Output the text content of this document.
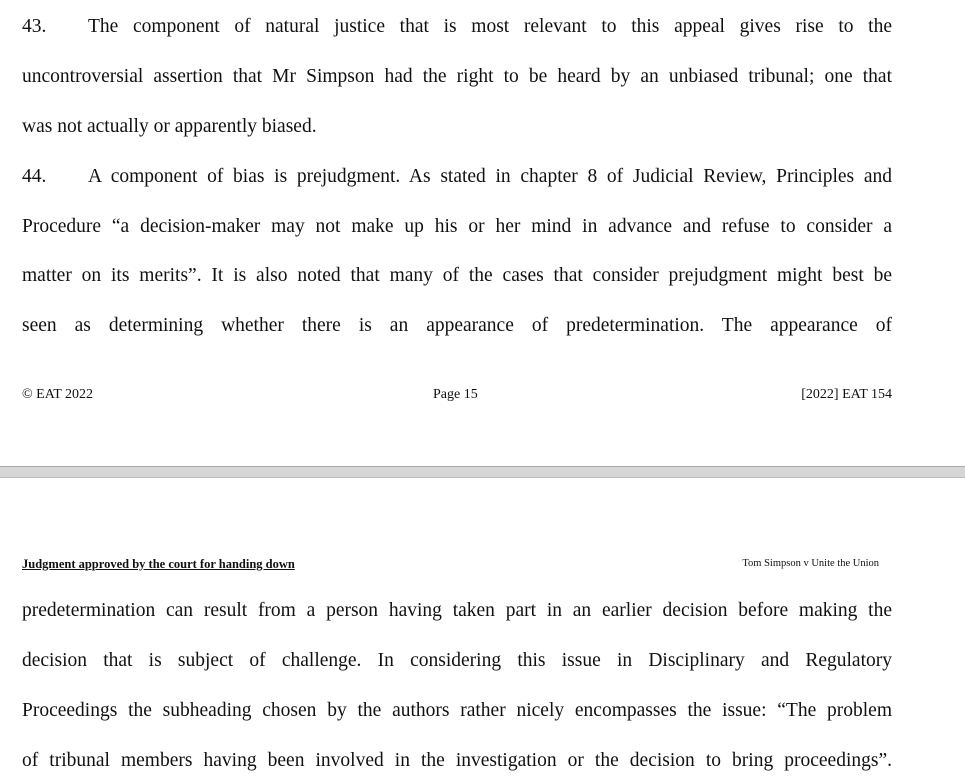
43. The component of natural justice that is most relevant to this appeal gives rise to the
uncontroversial assertion that Mr Simpson had the right to be heard by an unbiased tribunal; one that
was not actually or apparently biased.
44. A component of bias is prejudgment. As stated in chapter 8 of Judicial Review, Principles and
Procedure “a decision-maker may not make up his or her mind in advance and refuse to consider a
matter on its merits”. It is also noted that many of the cases that consider prejudgment might best be
seen as determining whether there is an appearance of predetermination. The appearance of
© EAT 2022	Page 15	[2022] EAT 154
Judgment approved by the court for handing down	Tom Simpson v Unite the Union
predetermination can result from a person having taken part in an earlier decision before making the
decision that is subject of challenge. In considering this issue in Disciplinary and Regulatory
Proceedings the subheading chosen by the authors rather nicely encompasses the issue: “The problem
of tribunal members having been involved in the investigation or the decision to bring proceedings”.
